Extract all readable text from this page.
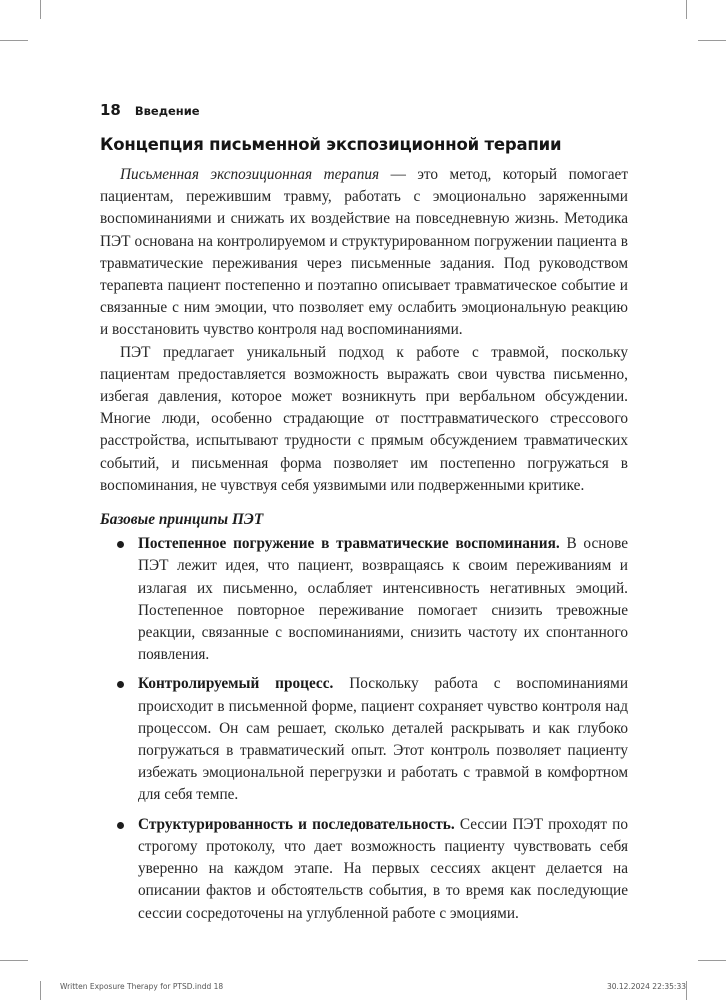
18 Введение
Концепция письменной экспозиционной терапии

Письменная экспозиционная терапия — это метод, который помогает пациентам, пережившим травму, работать с эмоционально заряженными воспоминаниями и снижать их воздействие на повседневную жизнь. Методика ПЭТ основана на контролируемом и структурированном погружении пациента в травматические переживания через письменные задания. Под руководством терапевта пациент постепенно и поэтапно описывает травматическое событие и связанные с ним эмоции, что позволяет ему ослабить эмоциональную реакцию и восстановить чувство контроля над воспоминаниями.

ПЭТ предлагает уникальный подход к работе с травмой, поскольку пациентам предоставляется возможность выражать свои чувства письменно, избегая давления, которое может возникнуть при вербальном обсуждении. Многие люди, особенно страдающие от посттравматического стрессового расстройства, испытывают трудности с прямым обсуждением травматических событий, и письменная форма позволяет им постепенно погружаться в воспоминания, не чувствуя себя уязвимыми или подверженными критике.

Базовые принципы ПЭТ

Постепенное погружение в травматические воспоминания. В основе ПЭТ лежит идея, что пациент, возвращаясь к своим переживаниям и излагая их письменно, ослабляет интенсивность негативных эмоций. Постепенное повторное переживание помогает снизить тревожные реакции, связанные с воспоминаниями, снизить частоту их спонтанного появления.

Контролируемый процесс. Поскольку работа с воспоминаниями происходит в письменной форме, пациент сохраняет чувство контроля над процессом. Он сам решает, сколько деталей раскрывать и как глубоко погружаться в травматический опыт. Этот контроль позволяет пациенту избежать эмоциональной перегрузки и работать с травмой в комфортном для себя темпе.

Структурированность и последовательность. Сессии ПЭТ проходят по строгому протоколу, что дает возможность пациенту чувствовать себя уверенно на каждом этапе. На первых сессиях акцент делается на описании фактов и обстоятельств события, в то время как последующие сессии сосредоточены на углубленной работе с эмоциями.

Written Exposure Therapy for PTSD.indd 18	30.12.2024 22:35:33
